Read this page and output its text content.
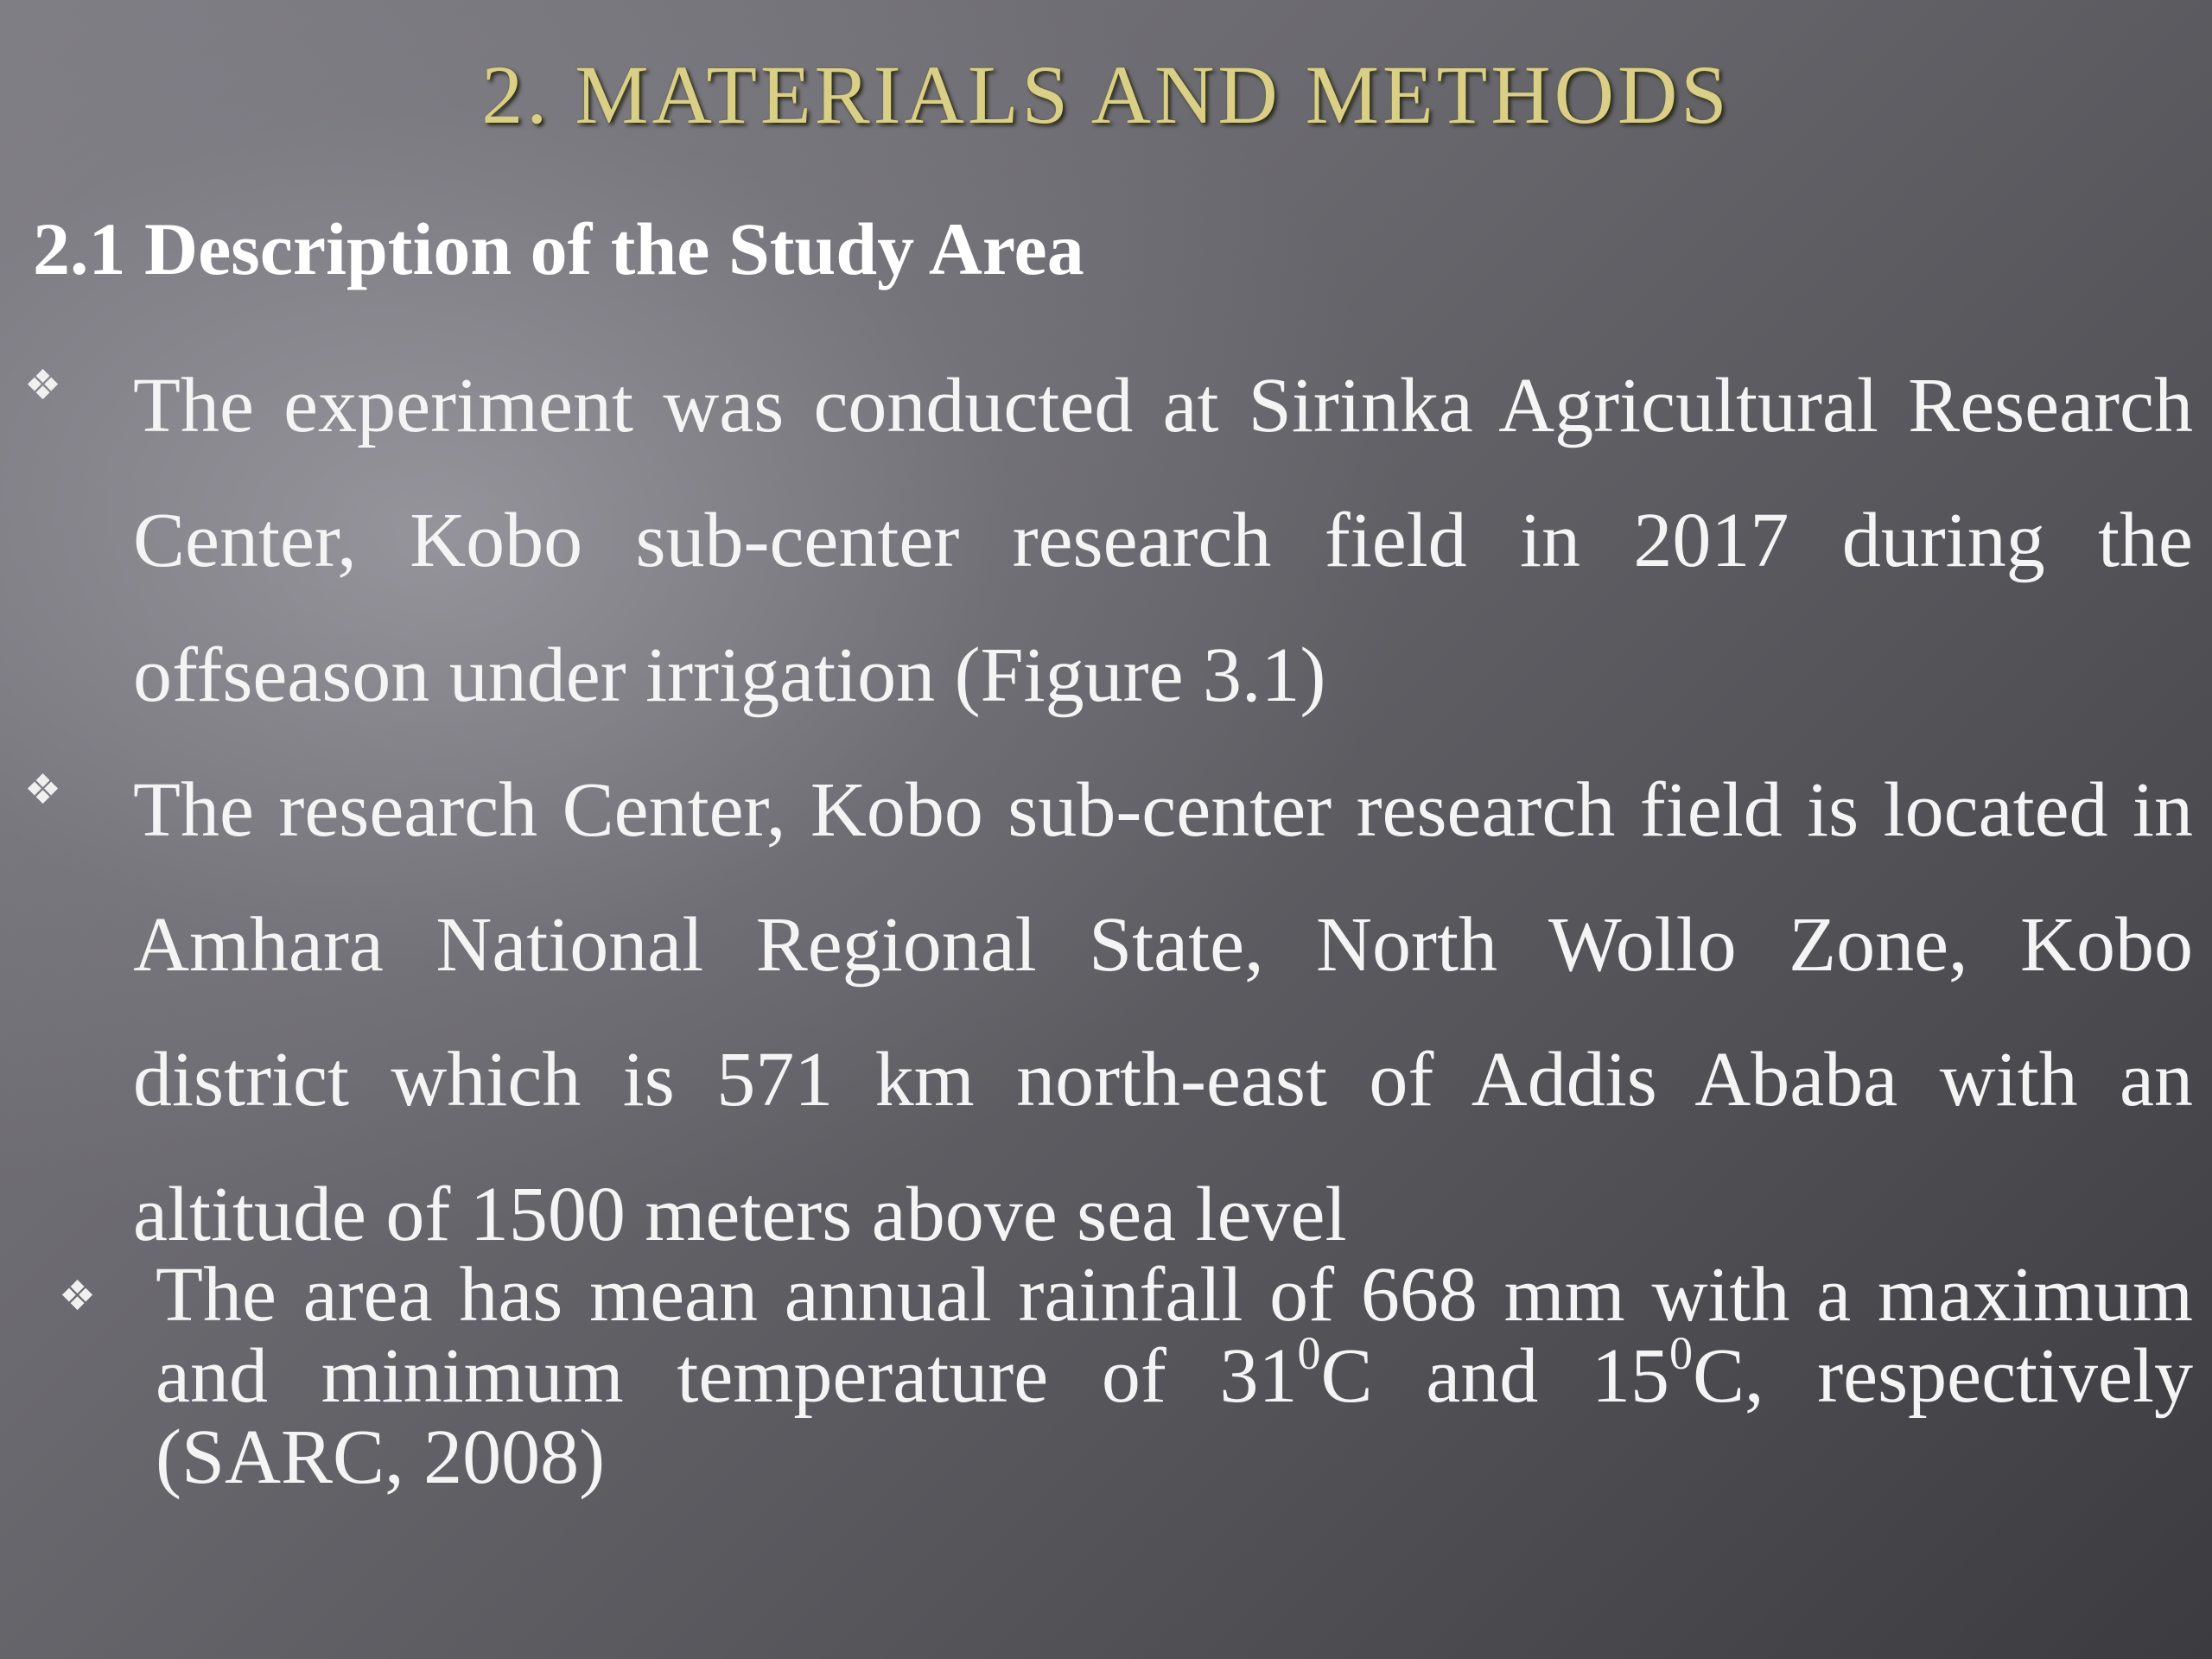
2. MATERIALS AND METHODS
2.1 Description of the Study Area
❖ The experiment was conducted at Sirinka Agricultural Research Center, Kobo sub-center research field in 2017 during the offseason under irrigation (Figure 3.1)

❖ The research Center, Kobo sub-center research field is located in Amhara National Regional State, North Wollo Zone, Kobo district which is 571 km north-east of Addis Ababa with an altitude of 1500 meters above sea level

❖ The area has mean annual rainfall of 668 mm with a maximum and minimum temperature of $31^0C$ and $15^0C$, respectively (SARC, 2008)
